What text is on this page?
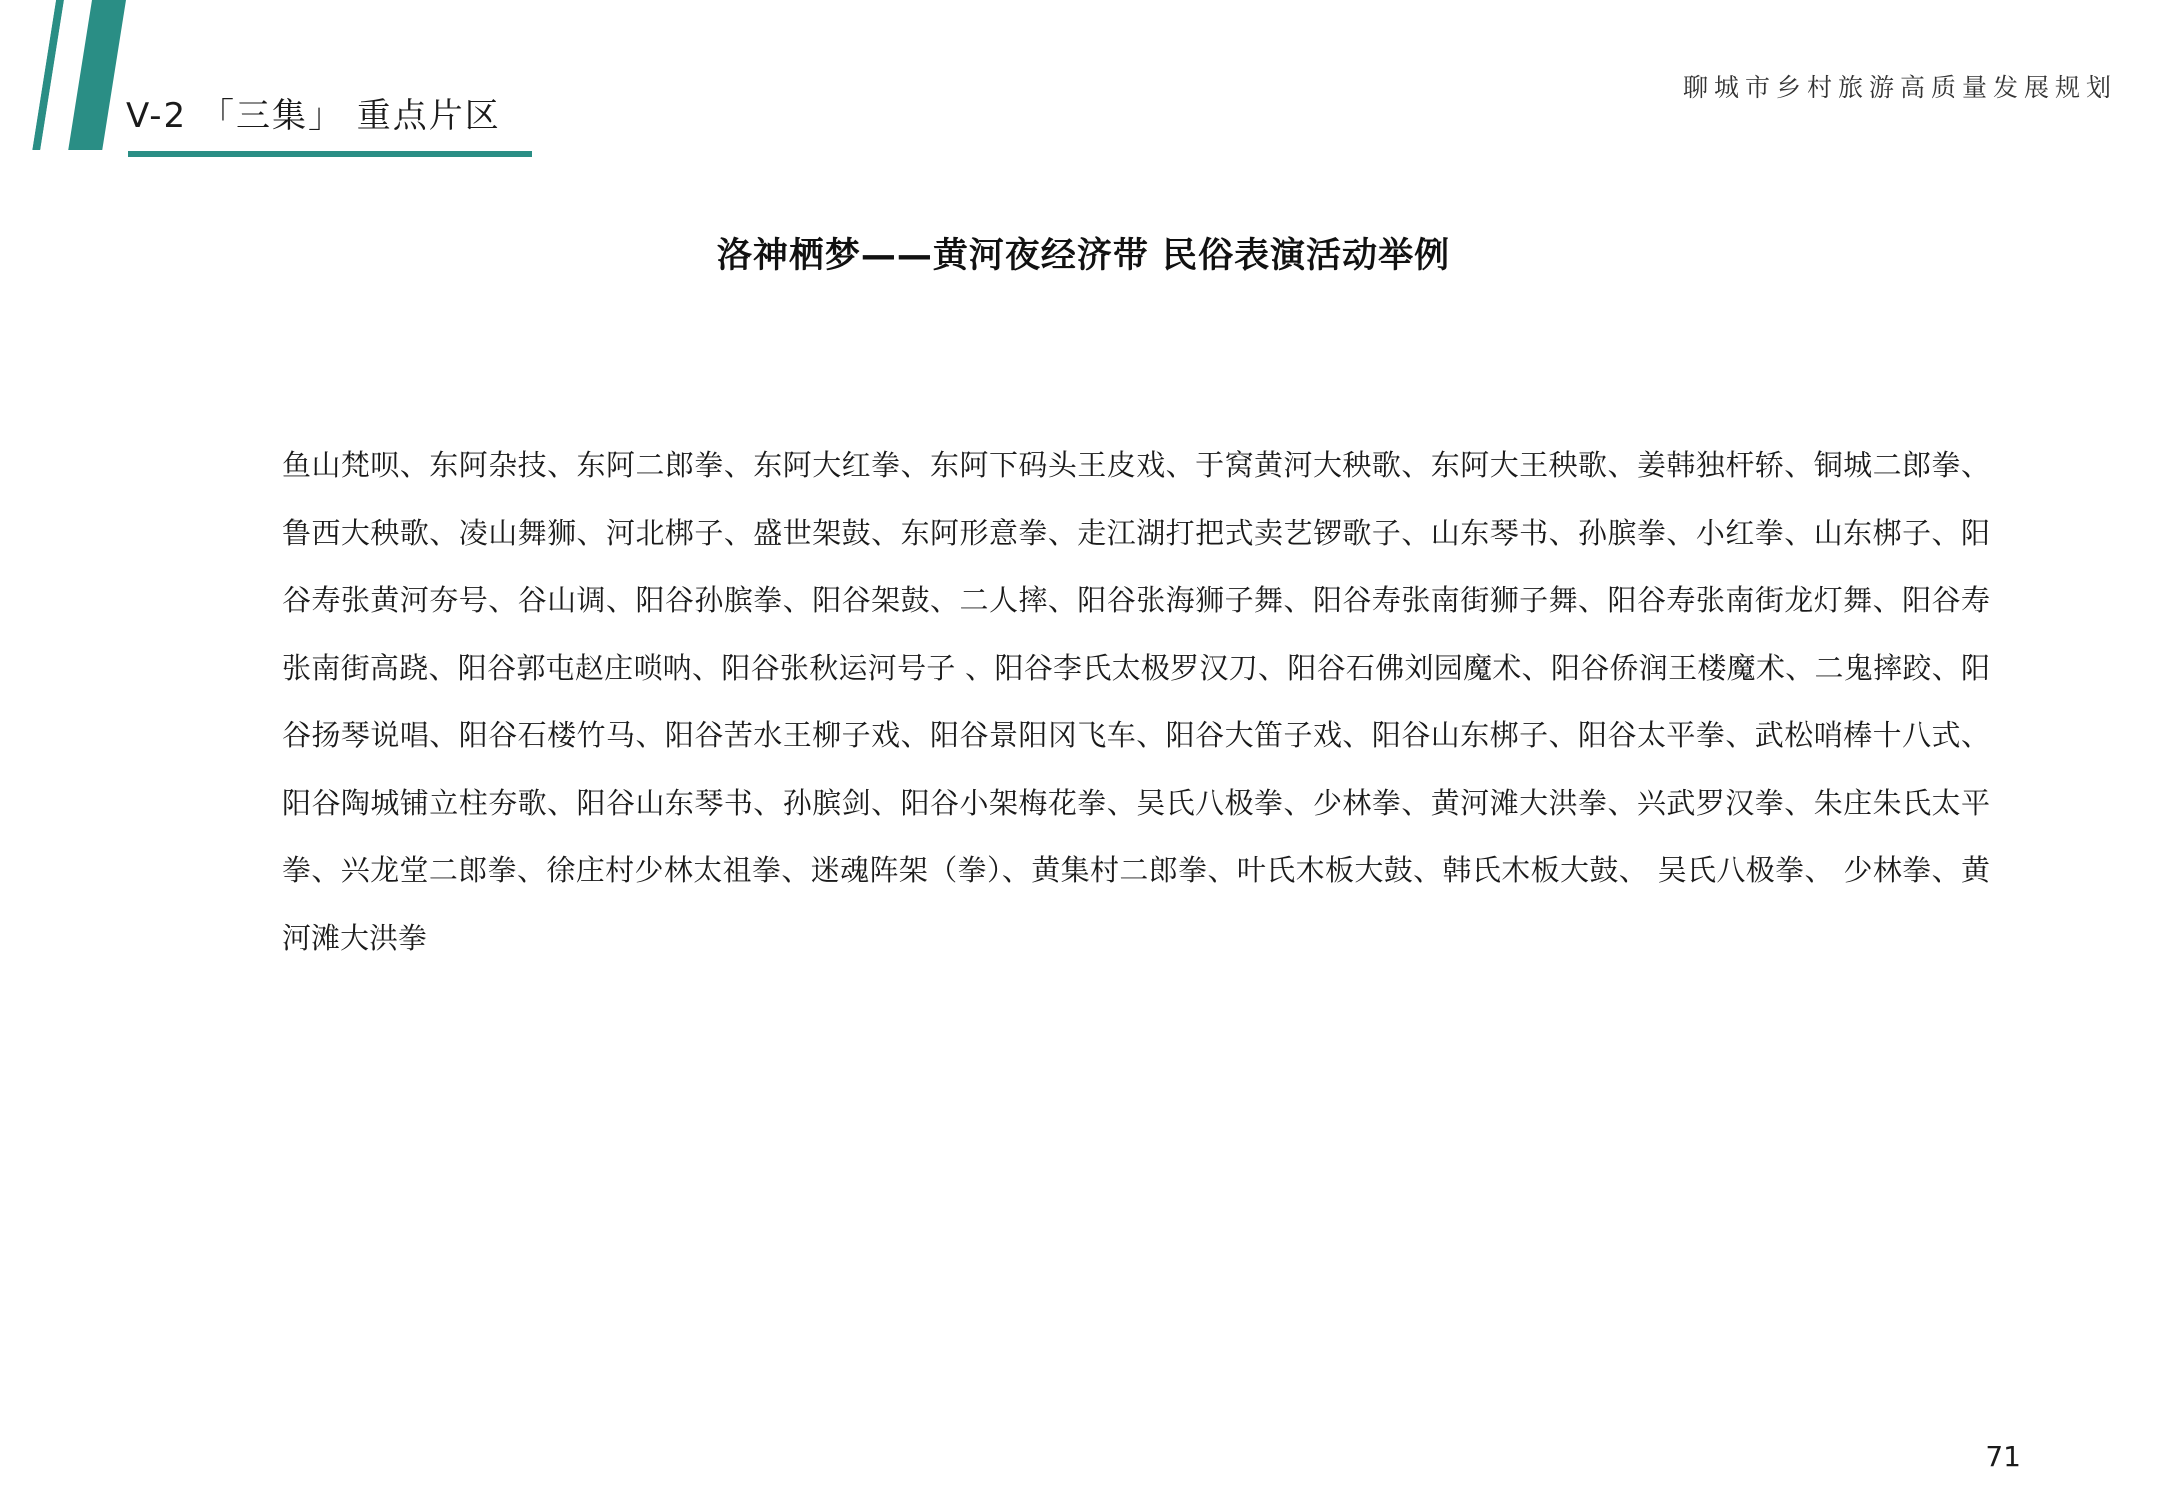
V-2 「三集」 重点片区
聊城市乡村旅游高质量发展规划
洛神栖梦——黄河夜经济带 民俗表演活动举例

鱼山梵呗、东阿杂技、东阿二郎拳、东阿大红拳、东阿下码头王皮戏、于窝黄河大秧歌、东阿大王秧歌、姜韩独杆轿、铜城二郎拳、鲁西大秧歌、凌山舞狮、河北梆子、盛世架鼓、东阿形意拳、走江湖打把式卖艺锣歌子、山东琴书、孙膑拳、小红拳、山东梆子、阳谷寿张黄河夯号、谷山调、阳谷孙膑拳、阳谷架鼓、二人摔、阳谷张海狮子舞、阳谷寿张南街狮子舞、阳谷寿张南街龙灯舞、阳谷寿张南街高跷、阳谷郭屯赵庄唢呐、阳谷张秋运河号子 、阳谷李氏太极罗汉刀、阳谷石佛刘园魔术、阳谷侨润王楼魔术、二鬼摔跤、阳谷扬琴说唱、阳谷石楼竹马、阳谷苦水王柳子戏、阳谷景阳冈飞车、阳谷大笛子戏、阳谷山东梆子、阳谷太平拳、武松哨棒十八式、阳谷陶城铺立柱夯歌、阳谷山东琴书、孙膑剑、阳谷小架梅花拳、吴氏八极拳、少林拳、黄河滩大洪拳、兴武罗汉拳、朱庄朱氏太平拳、兴龙堂二郎拳、徐庄村少林太祖拳、迷魂阵架（拳）、黄集村二郎拳、叶氏木板大鼓、韩氏木板大鼓、 吴氏八极拳、 少林拳、黄河滩大洪拳

71
